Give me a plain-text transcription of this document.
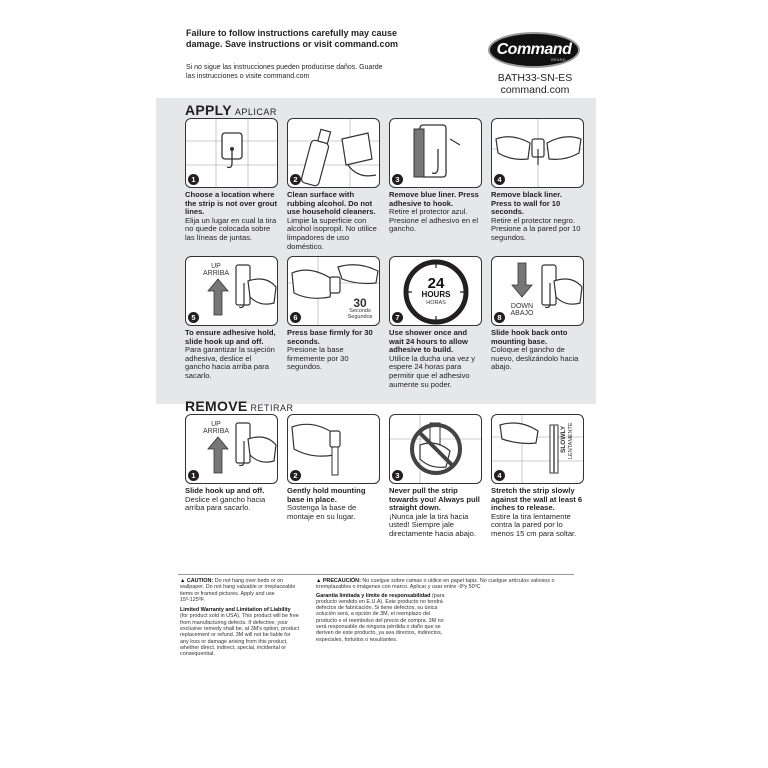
Failure to follow instructions carefully may cause damage. Save instructions or visit command.com
Si no sigue las instrucciones pueden producirse daños. Guarde las instrucciones o visite command.com
Command
BRAND
BATH33-SN-ES
command.com
APPLY APLICAR
1
Choose a location where the strip is not over grout lines.
Elija un lugar en cual la tira no quede colocada sobre las líneas de juntas.
2
Clean surface with rubbing alcohol. Do not use household cleaners.
Limpie la superficie con alcohol isopropil. No utilice limpadores de uso doméstico.
3
Remove blue liner. Press adhesive to hook.
Retire el protector azul. Presione el adhesivo en el gancho.
4
Remove black liner. Press to wall for 10 seconds.
Retire el protector negro. Presione a la pared por 10 segundos.
UP
ARRIBA
5
To ensure adhesive hold, slide hook up and off.
Para garantizar la sujeción adhesiva, deslice el gancho hacia arriba para sacarlo.
30
Seconds
Segundos
6
Press base firmly for 30 seconds.
Presione la base firmemente por 30 segundos.
24
HOURS
HORAS
7
Use shower once and wait 24 hours to allow adhesive to build.
Utilice la ducha una vez y espere 24 horas para permitir que el adhesivo aumente su poder.
DOWN
ABAJO
8
Slide hook back onto mounting base.
Coloque el gancho de nuevo, deslizándolo hacia abajo.
REMOVE RETIRAR
UP
ARRIBA
1
Slide hook up and off.
Deslice el gancho hacia arriba para sacarlo.
2
Gently hold mounting base in place.
Sostenga la base de montaje en su lugar.
3
Never pull the strip towards you! Always pull straight down.
¡Nunca jale la tira hacia usted! Siempre jale directamente hacia abajo.
SLOWLY LENTAMENTE
4
Stretch the strip slowly against the wall at least 6 inches to release.
Estire la tira lentamente contra la pared por lo menos 15 cm para soltar.
▲ CAUTION: Do not hang over beds or on wallpaper. Do not hang valuable or irreplaceable items or framed pictures. Apply and use 15º-125ºF.
Limited Warranty and Limitation of Liability (for product sold in USA). This product will be free from manufacturing defects. If defective, your exclusive remedy shall be, at 3M's option, product replacement or refund. 3M will not be liable for any loss or damage arising from this product, whether direct, indirect, special, incidental or consequential.
▲ PRECAUCIÓN: No cuelgue sobre camas o utilice en papel tapiz. No cuelgue artículos valiosos o irremplazables o imágenes con marco. Aplicar y usar entre -9ºy 50ºC
Garantía limitada y límite de responsabilidad (para producto vendido en E.U.A). Este producto no tendrá defectos de fabricación. Si tiene defectos, su única solución será, a opción de 3M, el reemplazo del producto o el reembolso del precio de compra. 3M no será responsable de ninguna pérdida o daño que se deriven de este producto, ya sea directos, indirectos, especiales, fortuitos o resultantes.
